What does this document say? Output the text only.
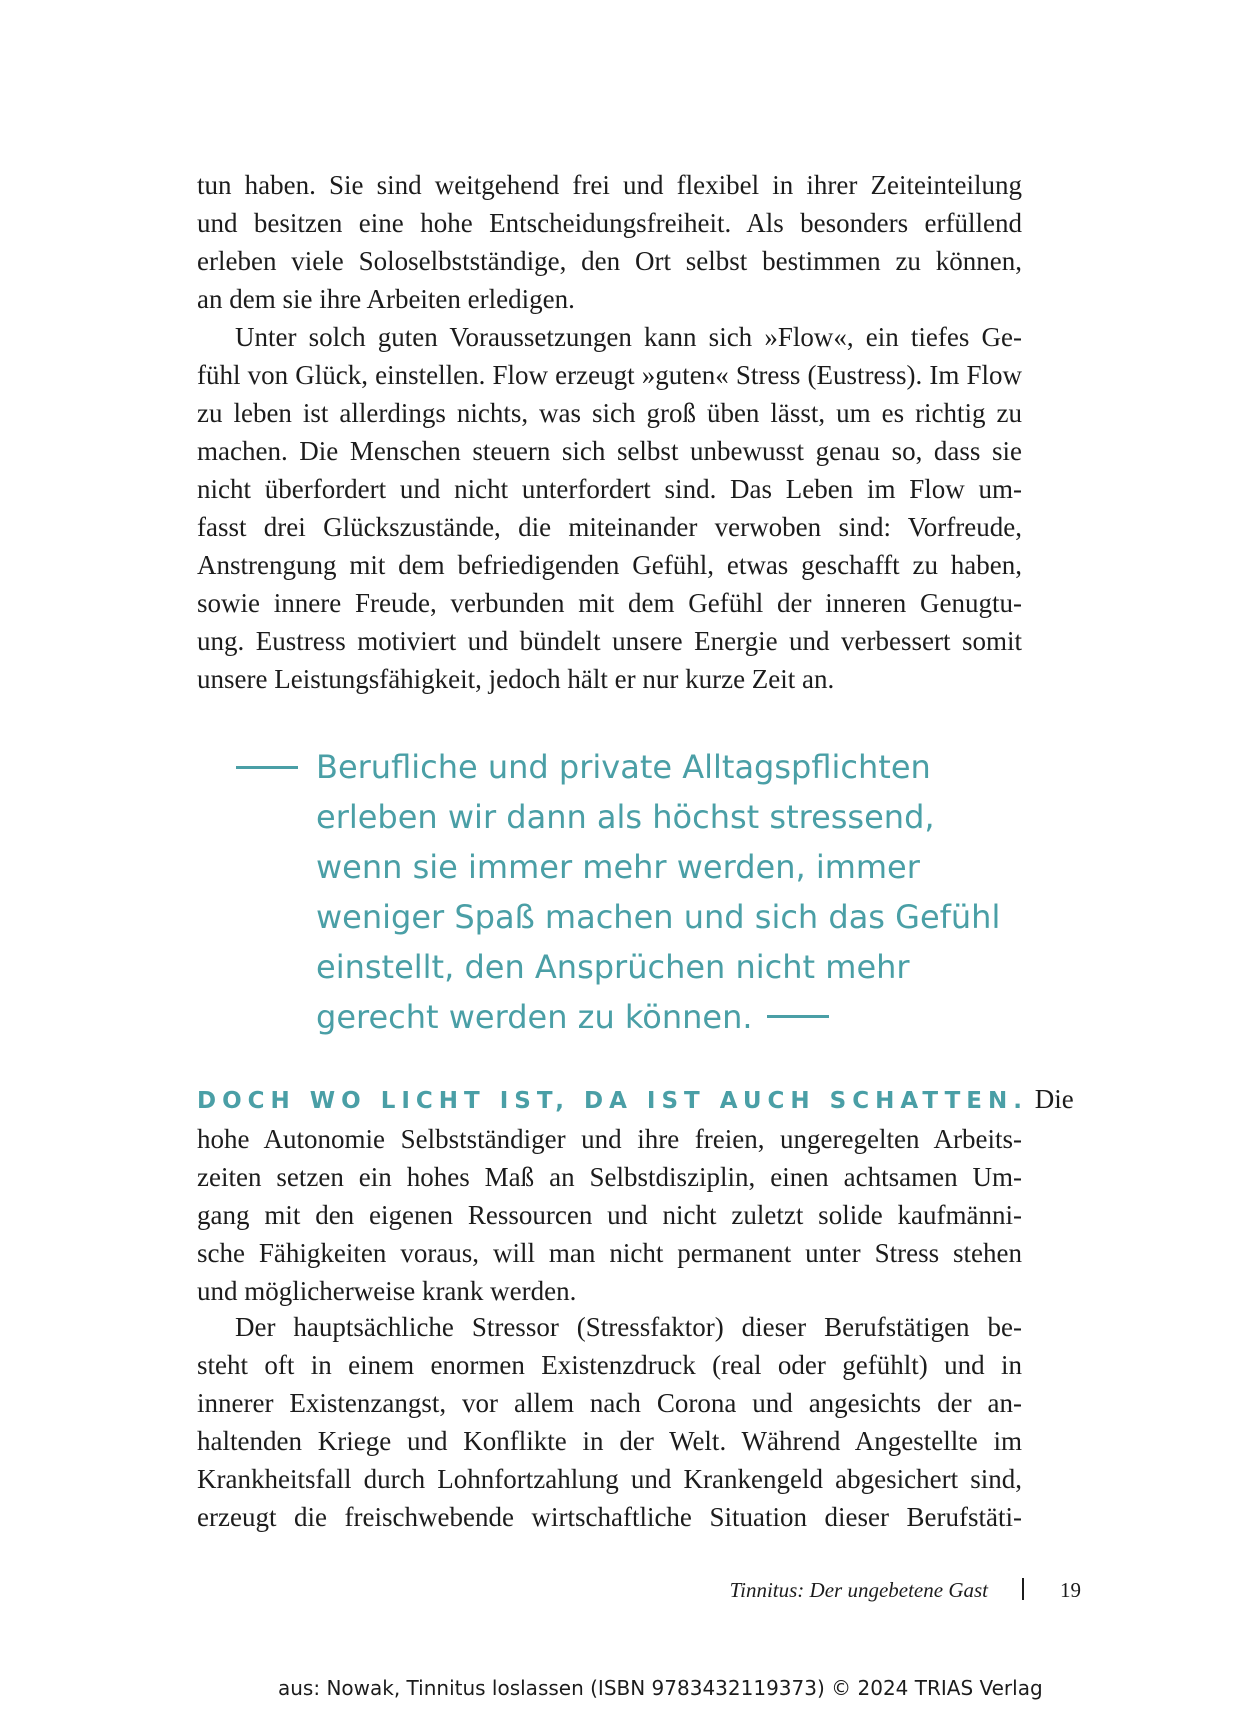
tun haben. Sie sind weitgehend frei und flexibel in ihrer Zeiteinteilung
und besitzen eine hohe Entscheidungsfreiheit. Als besonders erfüllend
erleben viele Soloselbstständige, den Ort selbst bestimmen zu können,
an dem sie ihre Arbeiten erledigen.
Unter solch guten Voraussetzungen kann sich »Flow«, ein tiefes Ge-
fühl von Glück, einstellen. Flow erzeugt »guten« Stress (Eustress). Im Flow
zu leben ist allerdings nichts, was sich groß üben lässt, um es richtig zu
machen. Die Menschen steuern sich selbst unbewusst genau so, dass sie
nicht überfordert und nicht unterfordert sind. Das Leben im Flow um-
fasst drei Glückszustände, die miteinander verwoben sind: Vorfreude,
Anstrengung mit dem befriedigenden Gefühl, etwas geschafft zu haben,
sowie innere Freude, verbunden mit dem Gefühl der inneren Genugtu-
ung. Eustress motiviert und bündelt unsere Energie und verbessert somit
unsere Leistungsfähigkeit, jedoch hält er nur kurze Zeit an.
Berufliche und private Alltagspflichten
erleben wir dann als höchst stressend,
wenn sie immer mehr werden, immer
weniger Spaß machen und sich das Gefühl
einstellt, den Ansprüchen nicht mehr
gerecht werden zu können.
DOCH WO LICHT IST, DA IST AUCH SCHATTEN. Die
hohe Autonomie Selbstständiger und ihre freien, ungeregelten Arbeits-
zeiten setzen ein hohes Maß an Selbstdisziplin, einen achtsamen Um-
gang mit den eigenen Ressourcen und nicht zuletzt solide kaufmänni-
sche Fähigkeiten voraus, will man nicht permanent unter Stress stehen
und möglicherweise krank werden.
Der hauptsächliche Stressor (Stressfaktor) dieser Berufstätigen be-
steht oft in einem enormen Existenzdruck (real oder gefühlt) und in
innerer Existenzangst, vor allem nach Corona und angesichts der an-
haltenden Kriege und Konflikte in der Welt. Während Angestellte im
Krankheitsfall durch Lohnfortzahlung und Krankengeld abgesichert sind,
erzeugt die freischwebende wirtschaftliche Situation dieser Berufstäti-
Tinnitus: Der ungebetene Gast	19
aus: Nowak, Tinnitus loslassen (ISBN 9783432119373) © 2024 TRIAS Verlag
